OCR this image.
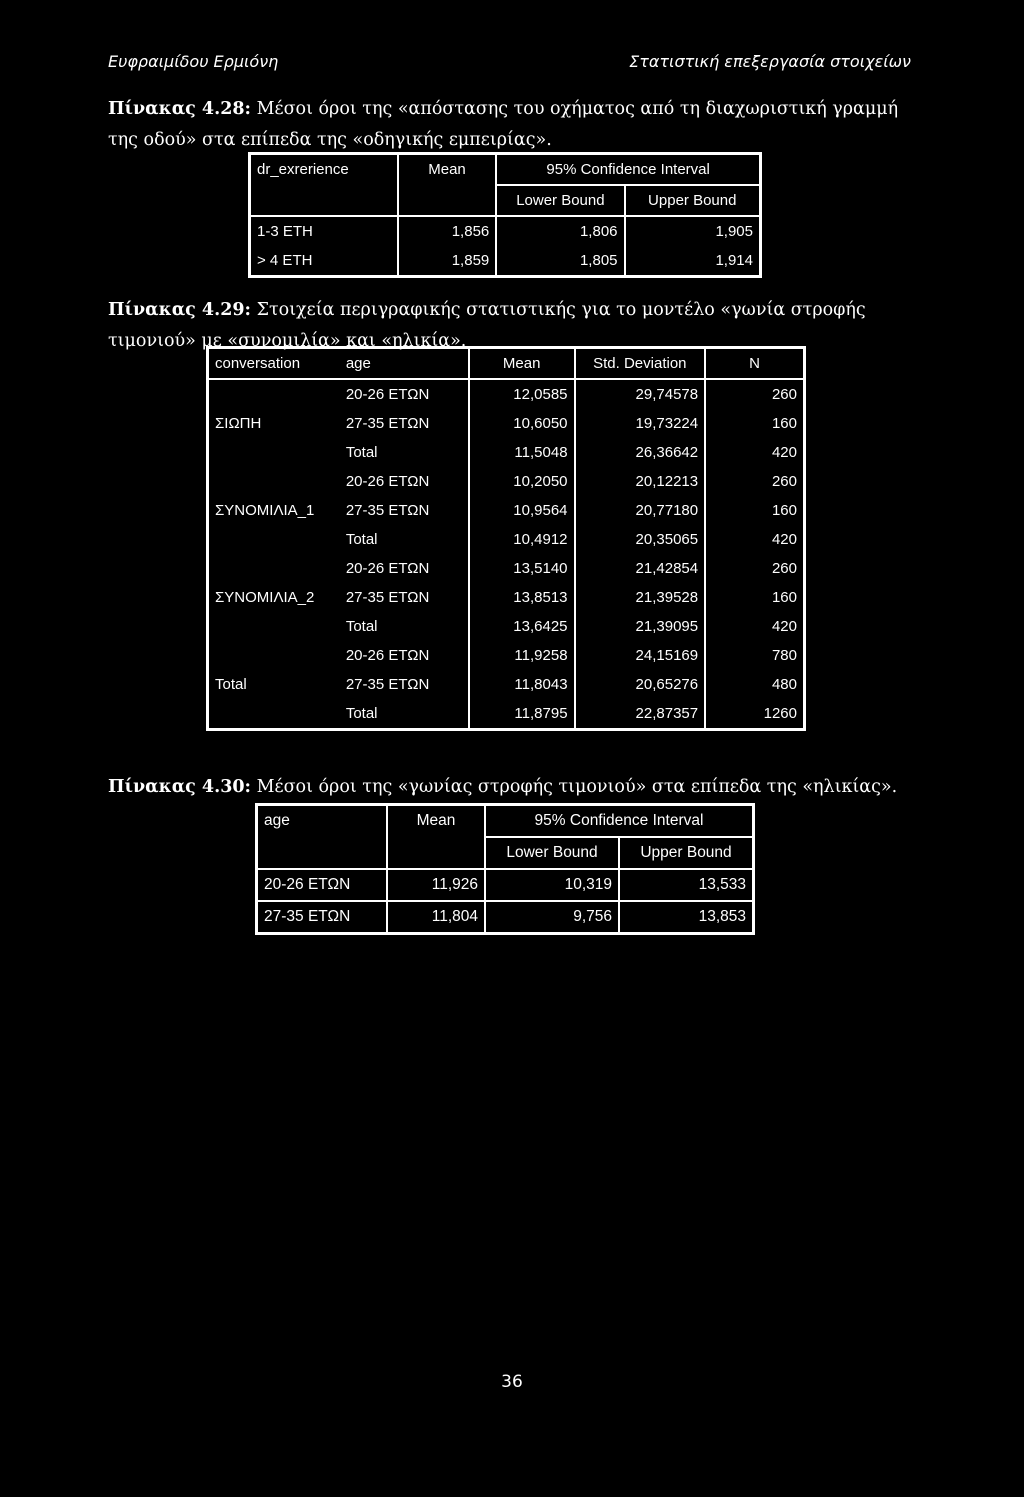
Ευφραιμίδου Ερμιόνη	Στατιστική επεξεργασία στοιχείων
Πίνακας 4.28: Μέσοι όροι της «απόστασης του οχήματος από τη διαχωριστική γραμμή της οδού» στα επίπεδα της «οδηγικής εμπειρίας».
dr_exrerience	Mean	95% Confidence Interval	
		Lower Bound	Upper Bound
1-3 ETH	1,856	1,806	1,905
> 4 ETH	1,859	1,805	1,914
Πίνακας 4.29: Στοιχεία περιγραφικής στατιστικής για το μοντέλο «γωνία στροφής τιμονιού» με «συνομιλία» και «ηλικία».
conversation	age	Mean	Std. Deviation	N
	20-26 ΕΤΩΝ	12,0585	29,74578	260
ΣΙΩΠΗ	27-35 ΕΤΩΝ	10,6050	19,73224	160
	Total	11,5048	26,36642	420
	20-26 ΕΤΩΝ	10,2050	20,12213	260
ΣΥΝΟΜΙΛΙΑ_1	27-35 ΕΤΩΝ	10,9564	20,77180	160
	Total	10,4912	20,35065	420
	20-26 ΕΤΩΝ	13,5140	21,42854	260
ΣΥΝΟΜΙΛΙΑ_2	27-35 ΕΤΩΝ	13,8513	21,39528	160
	Total	13,6425	21,39095	420
	20-26 ΕΤΩΝ	11,9258	24,15169	780
Total	27-35 ΕΤΩΝ	11,8043	20,65276	480
	Total	11,8795	22,87357	1260
Πίνακας 4.30: Μέσοι όροι της «γωνίας στροφής τιμονιού» στα επίπεδα της «ηλικίας».
age	Mean	95% Confidence Interval	
		Lower Bound	Upper Bound
20-26 ΕΤΩΝ	11,926	10,319	13,533
27-35 ΕΤΩΝ	11,804	9,756	13,853
36
